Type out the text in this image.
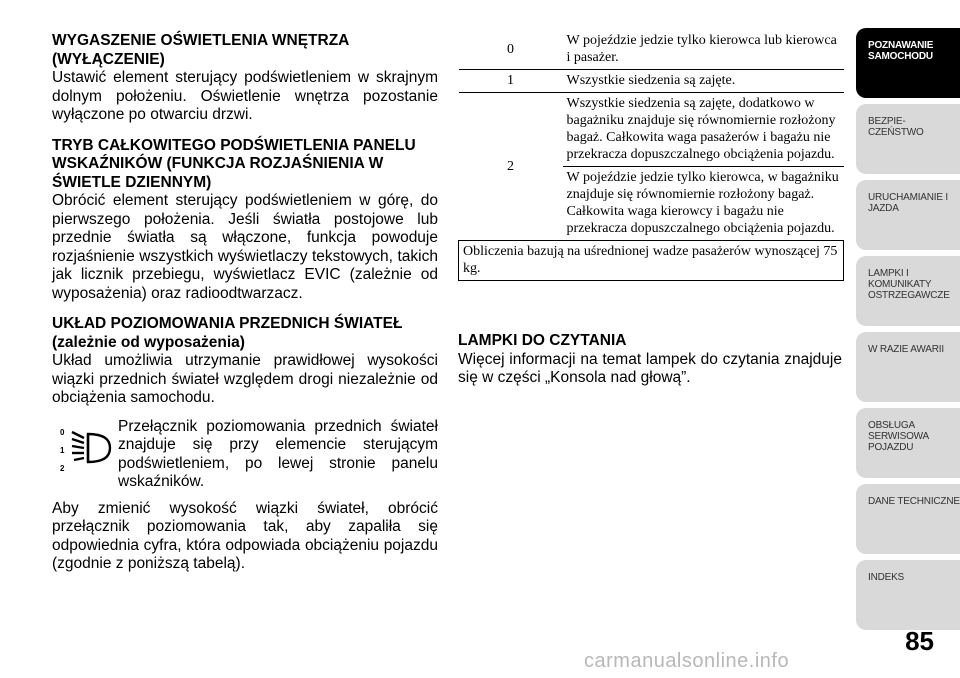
WYGASZENIE OŚWIETLENIA WNĘTRZA (WYŁĄCZENIE)

Ustawić element sterujący podświetleniem w skrajnym dolnym położeniu. Oświetlenie wnętrza pozostanie wyłączone po otwarciu drzwi.

TRYB CAŁKOWITEGO PODŚWIETLENIA PANELU WSKAŹNIKÓW (FUNKCJA ROZJAŚNIENIA W ŚWIETLE DZIENNYM)

Obrócić element sterujący podświetleniem w górę, do pierwszego położenia. Jeśli światła postojowe lub przednie światła są włączone, funkcja powoduje rozjaśnienie wszystkich wyświetlaczy tekstowych, takich jak licznik przebiegu, wyświetlacz EVIC (zależnie od wyposażenia) oraz radioodtwarzacz.

UKŁAD POZIOMOWANIA PRZEDNICH ŚWIATEŁ (zależnie od wyposażenia)

Układ umożliwia utrzymanie prawidłowej wysokości wiązki przednich świateł względem drogi niezależnie od obciążenia samochodu.

0
1
2
Przełącznik poziomowania przednich świateł znajduje się przy elemencie sterującym podświetleniem, po lewej stronie panelu wskaźników.

Aby zmienić wysokość wiązki świateł, obrócić przełącznik poziomowania tak, aby zapaliła się odpowiednia cyfra, która odpowiada obciążeniu pojazdu (zgodnie z poniższą tabelą).

0	W pojeździe jedzie tylko kierowca lub kierowca i pasażer.
1	Wszystkie siedzenia są zajęte.
2	Wszystkie siedzenia są zajęte, dodatkowo w bagażniku znajduje się równomiernie rozłożony bagaż. Całkowita waga pasażerów i bagażu nie przekracza dopuszczalnego obciążenia pojazdu.
	W pojeździe jedzie tylko kierowca, w bagażniku znajduje się równomiernie rozłożony bagaż. Całkowita waga kierowcy i bagażu nie przekracza dopuszczalnego obciążenia pojazdu.
Obliczenia bazują na uśrednionej wadze pasażerów wynoszącej 75 kg.	

LAMPKI DO CZYTANIA

Więcej informacji na temat lampek do czytania znajduje się w części „Konsola nad głową”.

POZNAWANIE SAMOCHODU
BEZPIE- CZEŃSTWO
URUCHAMIANIE I JAZDA
LAMPKI I KOMUNIKATY OSTRZEGAWCZE
W RAZIE AWARII
OBSŁUGA SERWISOWA POJAZDU
DANE TECHNICZNE
INDEKS
85
carmanualsonline.info
